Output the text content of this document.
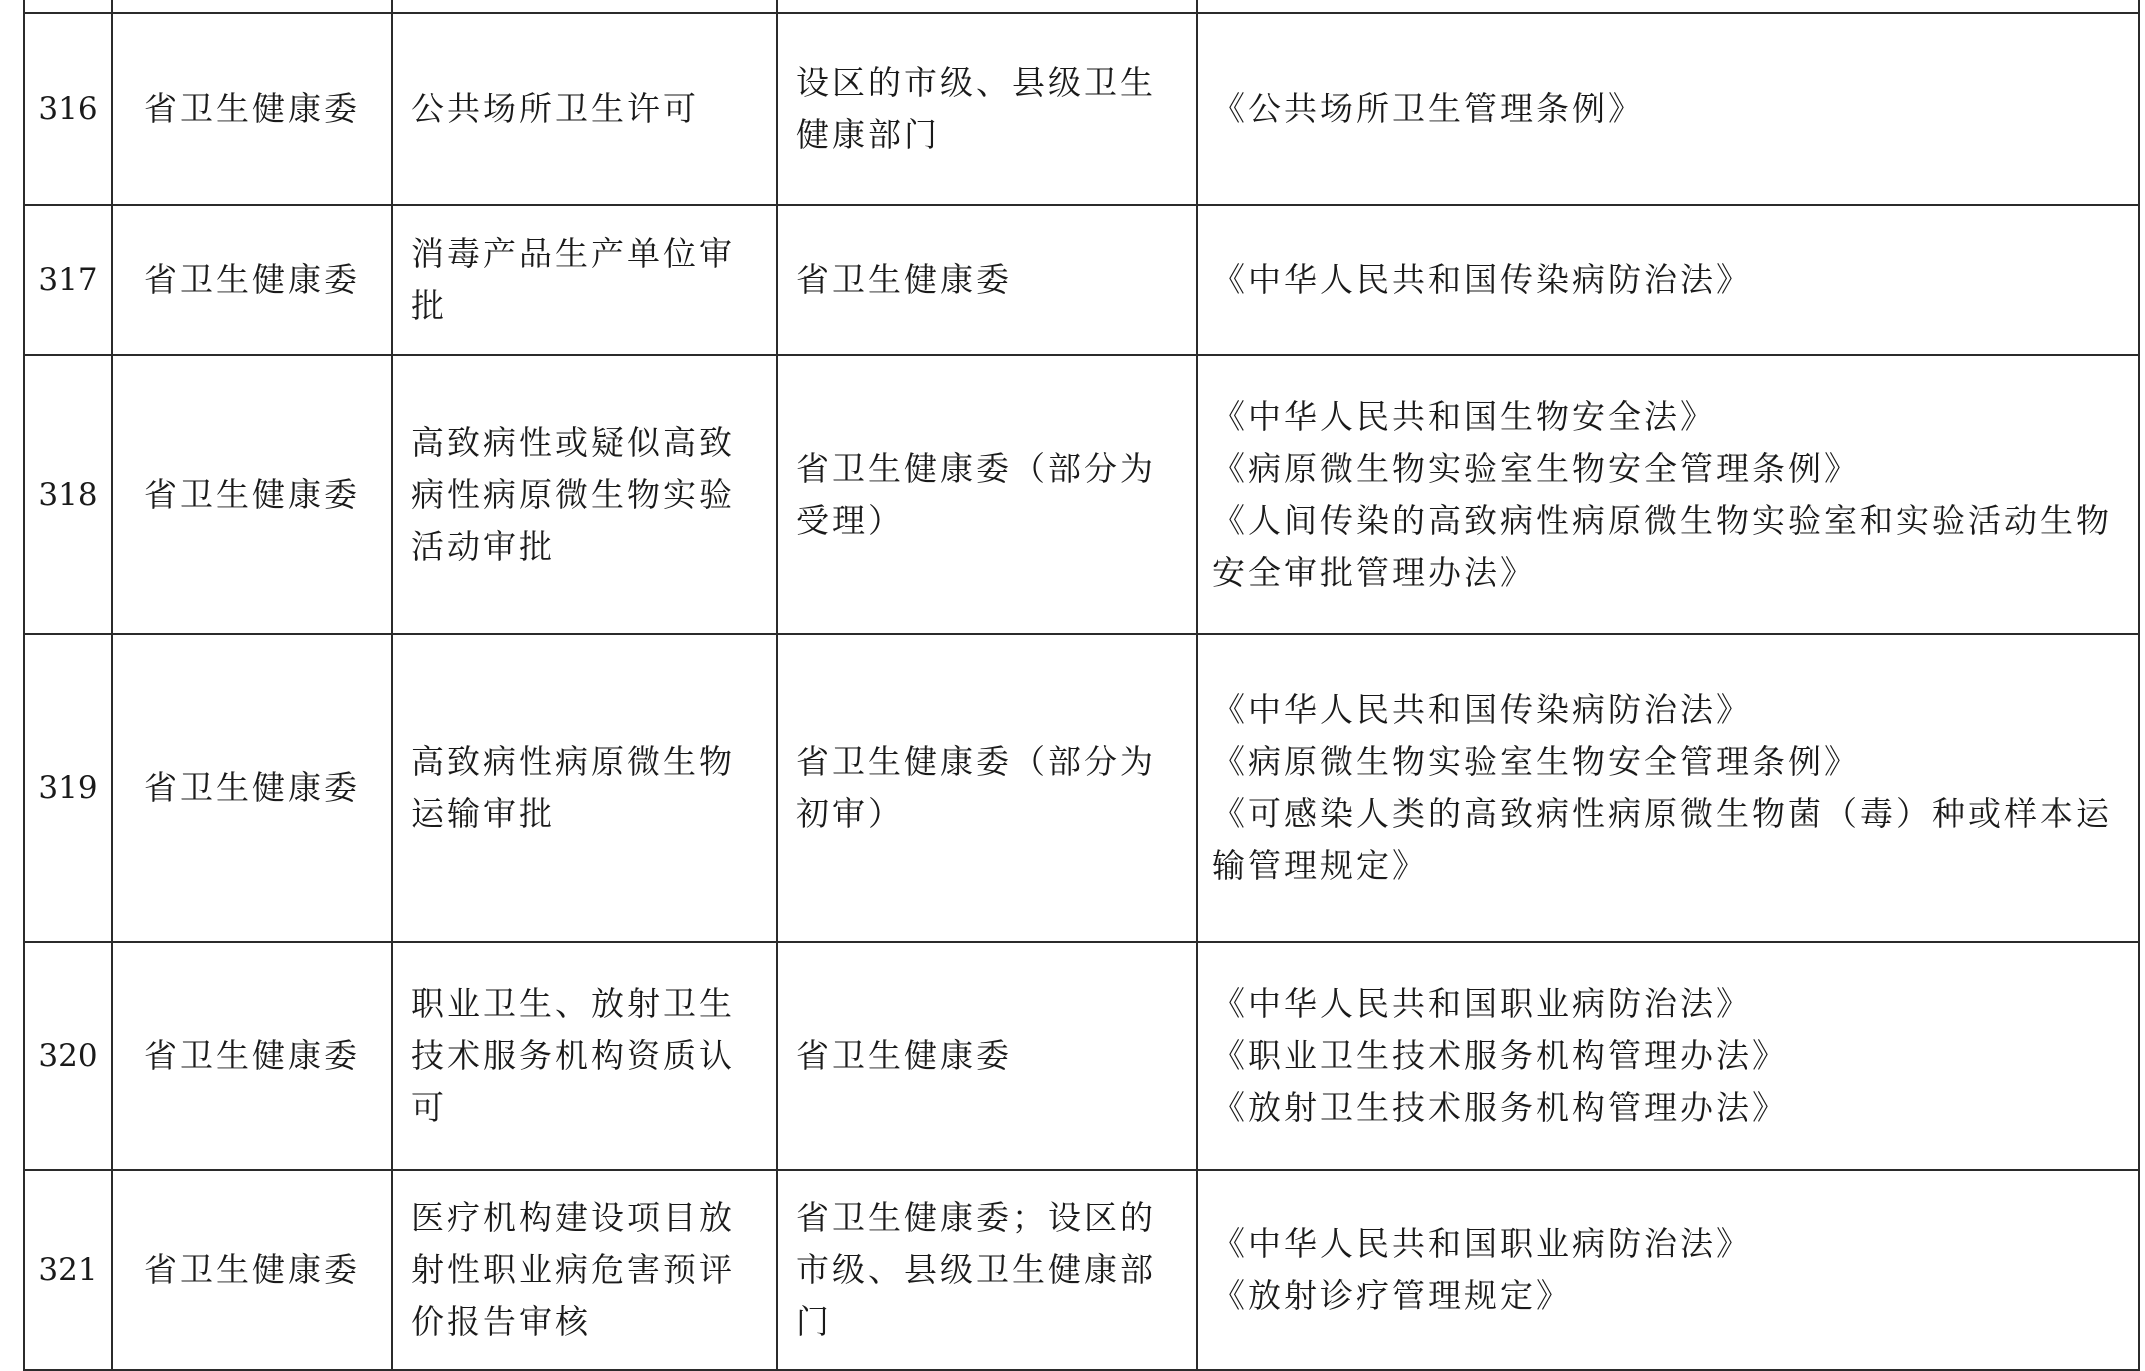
316	省卫生健康委	公共场所卫生许可	设区的市级、县级卫生健康部门	《公共场所卫生管理条例》

317	省卫生健康委	消毒产品生产单位审批	省卫生健康委	《中华人民共和国传染病防治法》

318	省卫生健康委	高致病性或疑似高致病性病原微生物实验活动审批	省卫生健康委（部分为受理）	《中华人民共和国生物安全法》
《病原微生物实验室生物安全管理条例》
《人间传染的高致病性病原微生物实验室和实验活动生物安全审批管理办法》

319	省卫生健康委	高致病性病原微生物运输审批	省卫生健康委（部分为初审）	《中华人民共和国传染病防治法》
《病原微生物实验室生物安全管理条例》
《可感染人类的高致病性病原微生物菌（毒）种或样本运输管理规定》

320	省卫生健康委	职业卫生、放射卫生技术服务机构资质认可	省卫生健康委	《中华人民共和国职业病防治法》
《职业卫生技术服务机构管理办法》
《放射卫生技术服务机构管理办法》

321	省卫生健康委	医疗机构建设项目放射性职业病危害预评价报告审核	省卫生健康委；设区的市级、县级卫生健康部门	《中华人民共和国职业病防治法》
《放射诊疗管理规定》
